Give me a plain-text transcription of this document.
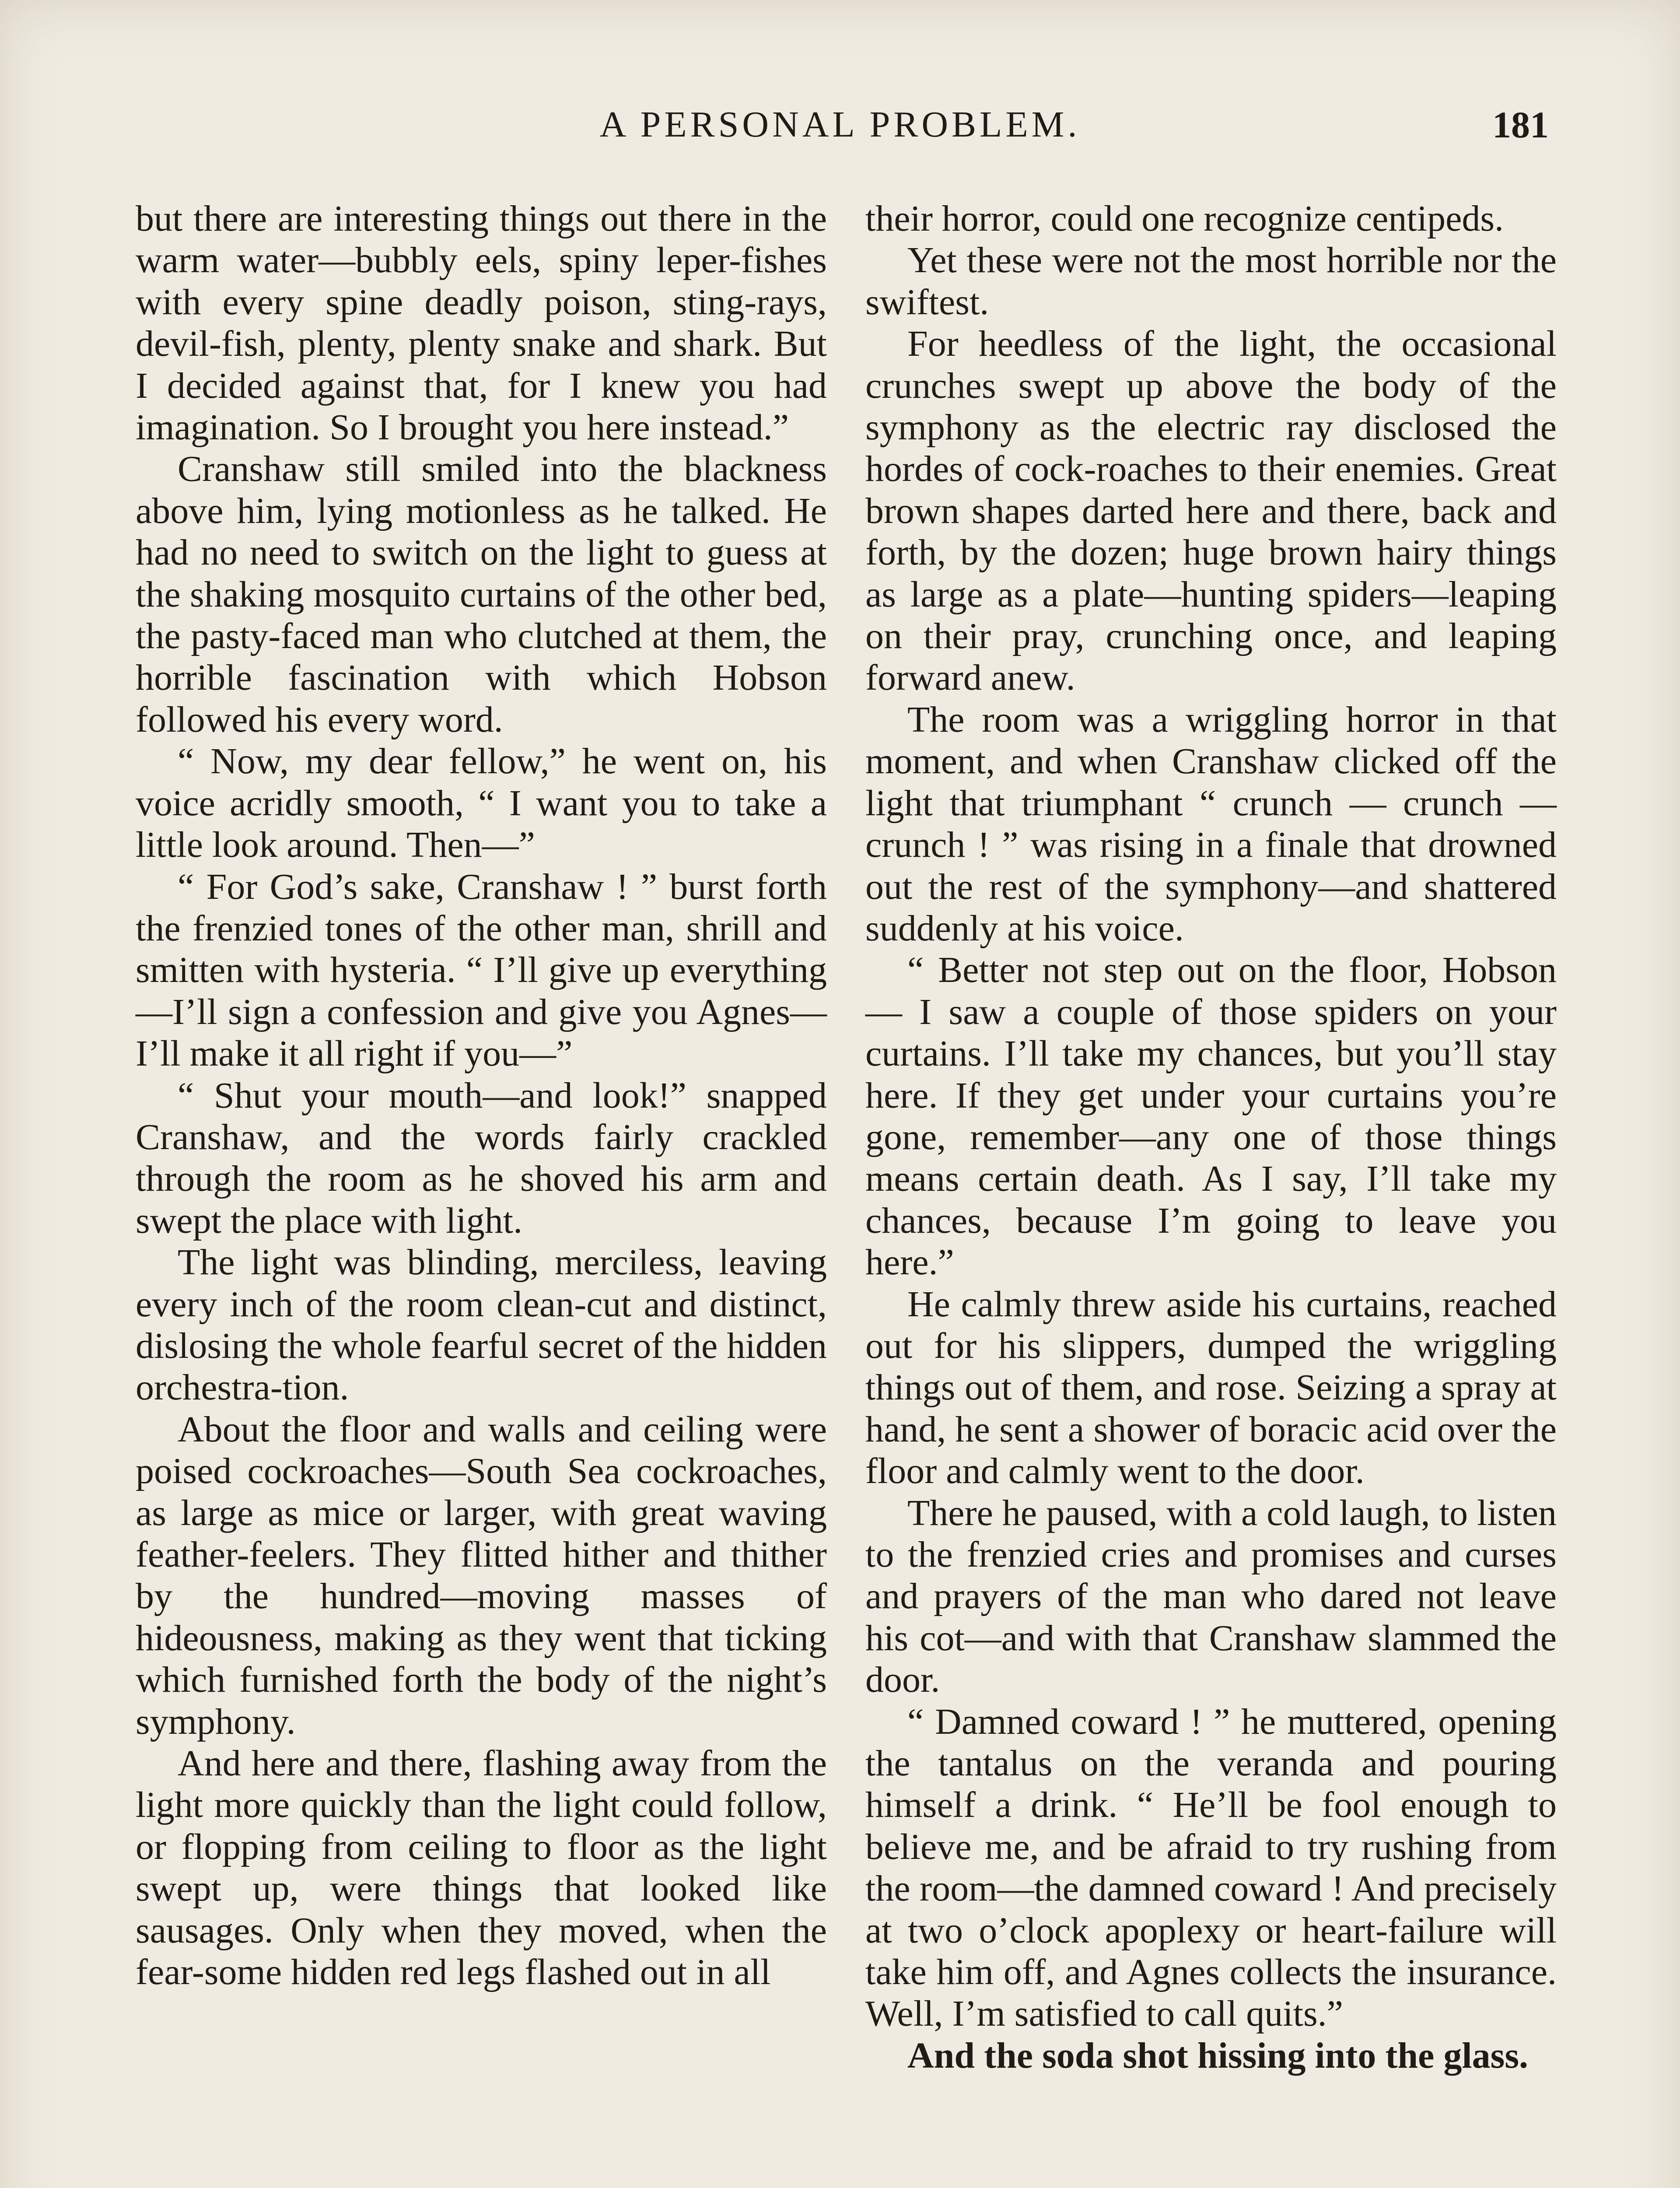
A PERSONAL PROBLEM.	181

but there are interesting things out there in the warm water—bubbly eels, spiny leper-fishes with every spine deadly poison, sting-rays, devil-fish, plenty, plenty snake and shark. But I decided against that, for I knew you had imagination. So I brought you here instead.”

Cranshaw still smiled into the blackness above him, lying motionless as he talked. He had no need to switch on the light to guess at the shaking mosquito curtains of the other bed, the pasty-faced man who clutched at them, the horrible fascination with which Hobson followed his every word.

“ Now, my dear fellow,” he went on, his voice acridly smooth, “ I want you to take a little look around. Then—”

“ For God’s sake, Cranshaw ! ” burst forth the frenzied tones of the other man, shrill and smitten with hysteria. “ I’ll give up everything—I’ll sign a confession and give you Agnes—I’ll make it all right if you—”

“ Shut your mouth—and look!” snapped Cranshaw, and the words fairly crackled through the room as he shoved his arm and swept the place with light.

The light was blinding, merciless, leaving every inch of the room clean-cut and distinct, dislosing the whole fearful secret of the hidden orchestra-tion.

About the floor and walls and ceiling were poised cockroaches—South Sea cockroaches, as large as mice or larger, with great waving feather-feelers. They flitted hither and thither by the hundred—moving masses of hideousness, making as they went that ticking which furnished forth the body of the night’s symphony.

And here and there, flashing away from the light more quickly than the light could follow, or flopping from ceiling to floor as the light swept up, were things that looked like sausages. Only when they moved, when the fear-some hidden red legs flashed out in all

their horror, could one recognize centipeds.

Yet these were not the most horrible nor the swiftest.

For heedless of the light, the occasional crunches swept up above the body of the symphony as the electric ray disclosed the hordes of cock-roaches to their enemies. Great brown shapes darted here and there, back and forth, by the dozen; huge brown hairy things as large as a plate—hunting spiders—leaping on their pray, crunching once, and leaping forward anew.

The room was a wriggling horror in that moment, and when Cranshaw clicked off the light that triumphant “ crunch — crunch — crunch ! ” was rising in a finale that drowned out the rest of the symphony—and shattered suddenly at his voice.

“ Better not step out on the floor, Hobson — I saw a couple of those spiders on your curtains. I’ll take my chances, but you’ll stay here. If they get under your curtains you’re gone, remember—any one of those things means certain death. As I say, I’ll take my chances, because I’m going to leave you here.”

He calmly threw aside his curtains, reached out for his slippers, dumped the wriggling things out of them, and rose. Seizing a spray at hand, he sent a shower of boracic acid over the floor and calmly went to the door.

There he paused, with a cold laugh, to listen to the frenzied cries and promises and curses and prayers of the man who dared not leave his cot—and with that Cranshaw slammed the door.

“ Damned coward ! ” he muttered, opening the tantalus on the veranda and pouring himself a drink. “ He’ll be fool enough to believe me, and be afraid to try rushing from the room—the damned coward ! And precisely at two o’clock apoplexy or heart-failure will take him off, and Agnes collects the insurance. Well, I’m satisfied to call quits.”

And the soda shot hissing into the glass.
